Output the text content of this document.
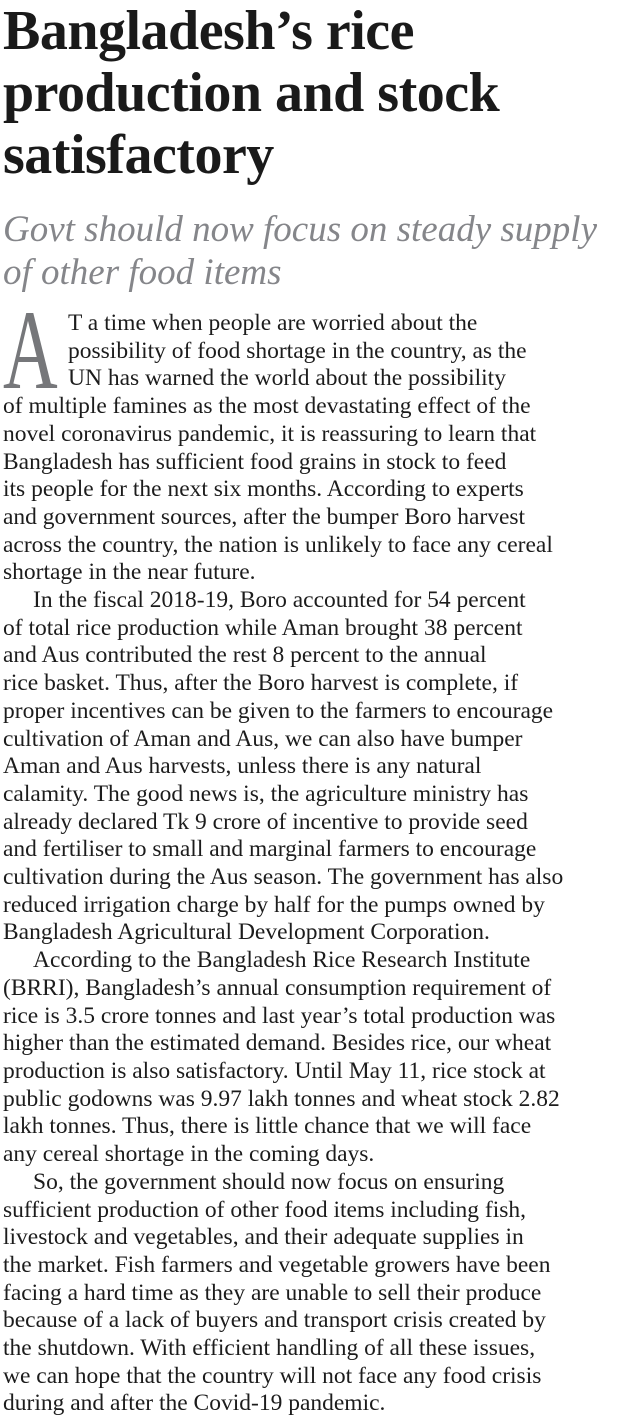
Bangladesh’s rice production and stock satisfactory
Govt should now focus on steady supply of other food items
A T a time when people are worried about the
possibility of food shortage in the country, as the
UN has warned the world about the possibility
of multiple famines as the most devastating effect of the
novel coronavirus pandemic, it is reassuring to learn that
Bangladesh has sufficient food grains in stock to feed
its people for the next six months. According to experts
and government sources, after the bumper Boro harvest
across the country, the nation is unlikely to face any cereal
shortage in the near future.
In the fiscal 2018-19, Boro accounted for 54 percent
of total rice production while Aman brought 38 percent
and Aus contributed the rest 8 percent to the annual
rice basket. Thus, after the Boro harvest is complete, if
proper incentives can be given to the farmers to encourage
cultivation of Aman and Aus, we can also have bumper
Aman and Aus harvests, unless there is any natural
calamity. The good news is, the agriculture ministry has
already declared Tk 9 crore of incentive to provide seed
and fertiliser to small and marginal farmers to encourage
cultivation during the Aus season. The government has also
reduced irrigation charge by half for the pumps owned by
Bangladesh Agricultural Development Corporation.
According to the Bangladesh Rice Research Institute
(BRRI), Bangladesh’s annual consumption requirement of
rice is 3.5 crore tonnes and last year’s total production was
higher than the estimated demand. Besides rice, our wheat
production is also satisfactory. Until May 11, rice stock at
public godowns was 9.97 lakh tonnes and wheat stock 2.82
lakh tonnes. Thus, there is little chance that we will face
any cereal shortage in the coming days.
So, the government should now focus on ensuring
sufficient production of other food items including fish,
livestock and vegetables, and their adequate supplies in
the market. Fish farmers and vegetable growers have been
facing a hard time as they are unable to sell their produce
because of a lack of buyers and transport crisis created by
the shutdown. With efficient handling of all these issues,
we can hope that the country will not face any food crisis
during and after the Covid-19 pandemic.
